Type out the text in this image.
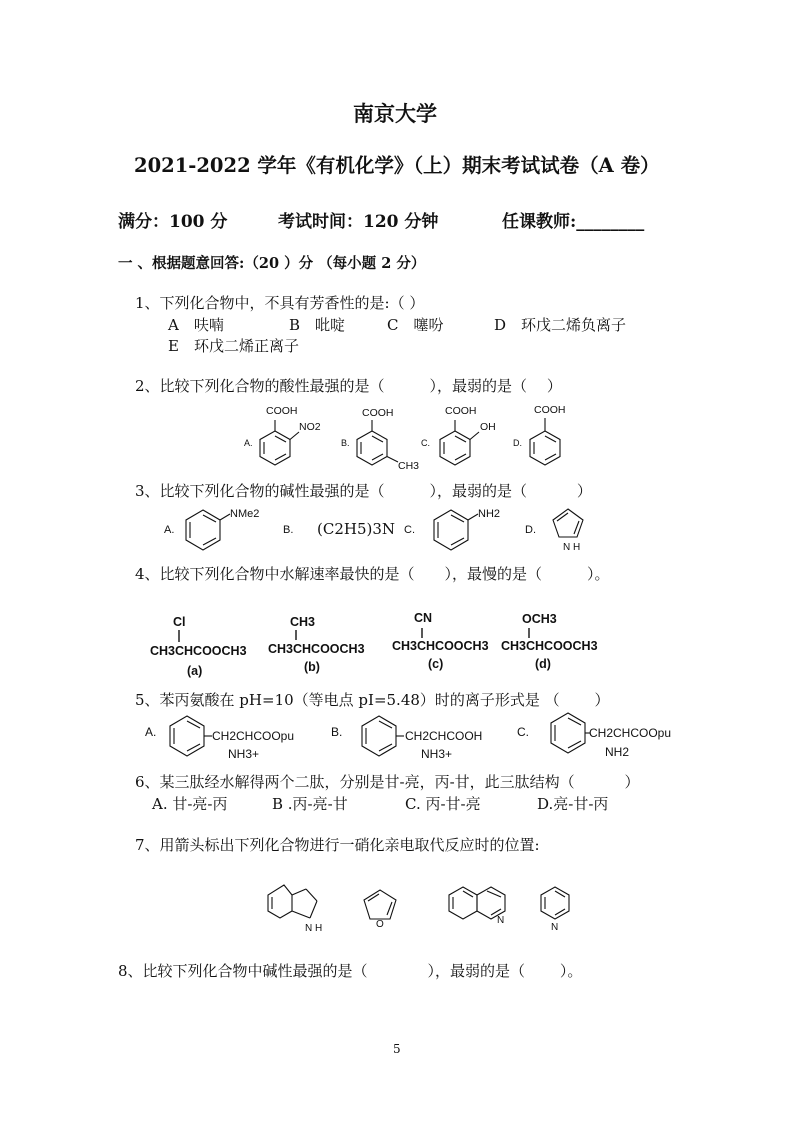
南京大学
2021-2022 学年《有机化学》（上）期末考试试卷（A 卷）
满分：100 分	考试时间：120 分钟	任课教师:________
一 、根据题意回答:（20 ）分 （每小题 2 分）
1、下列化合物中，不具有芳香性的是:（ ）
A　呋喃	B　吡啶	C　噻吩	D　环戊二烯负离子
E　环戊二烯正离子
2、比较下列化合物的酸性最强的是（　　　），最弱的是（　 ）
A.	B.	C.	D.
COOH
NO2
COOH
CH3
COOH
OH
COOH
3、比较下列化合物的碱性最强的是（　　　），最弱的是（　　　 ）
A.	B. (C2H5)3N C.	D.
NMe2	NH2
N H
4、比较下列化合物中水解速率最快的是（　　），最慢的是（　　　）。
Cl
CH3CHCOOCH3
(a)
CH3
CH3CHCOOCH3
(b)
CN
CH3CHCOOCH3
(c)
OCH3
CH3CHCOOCH3
(d)
5、苯丙氨酸在 pH=10（等电点 pI=5.48）时的离子形式是 （　　 ）
A.	B.	C.
CH2CHCOOpu
NH3+
CH2CHCOOH
NH3+
CH2CHCOOpu
NH2
6、某三肽经水解得两个二肽，分别是甘-亮，丙-甘，此三肽结构（　　　 ）
A. 甘-亮-丙	B .丙-亮-甘	C. 丙-甘-亮	D.亮-甘-丙
7、用箭头标出下列化合物进行一硝化亲电取代反应时的位置:
N H	O	N
N
8、比较下列化合物中碱性最强的是（　　　　），最弱的是（　　 ）。
5
